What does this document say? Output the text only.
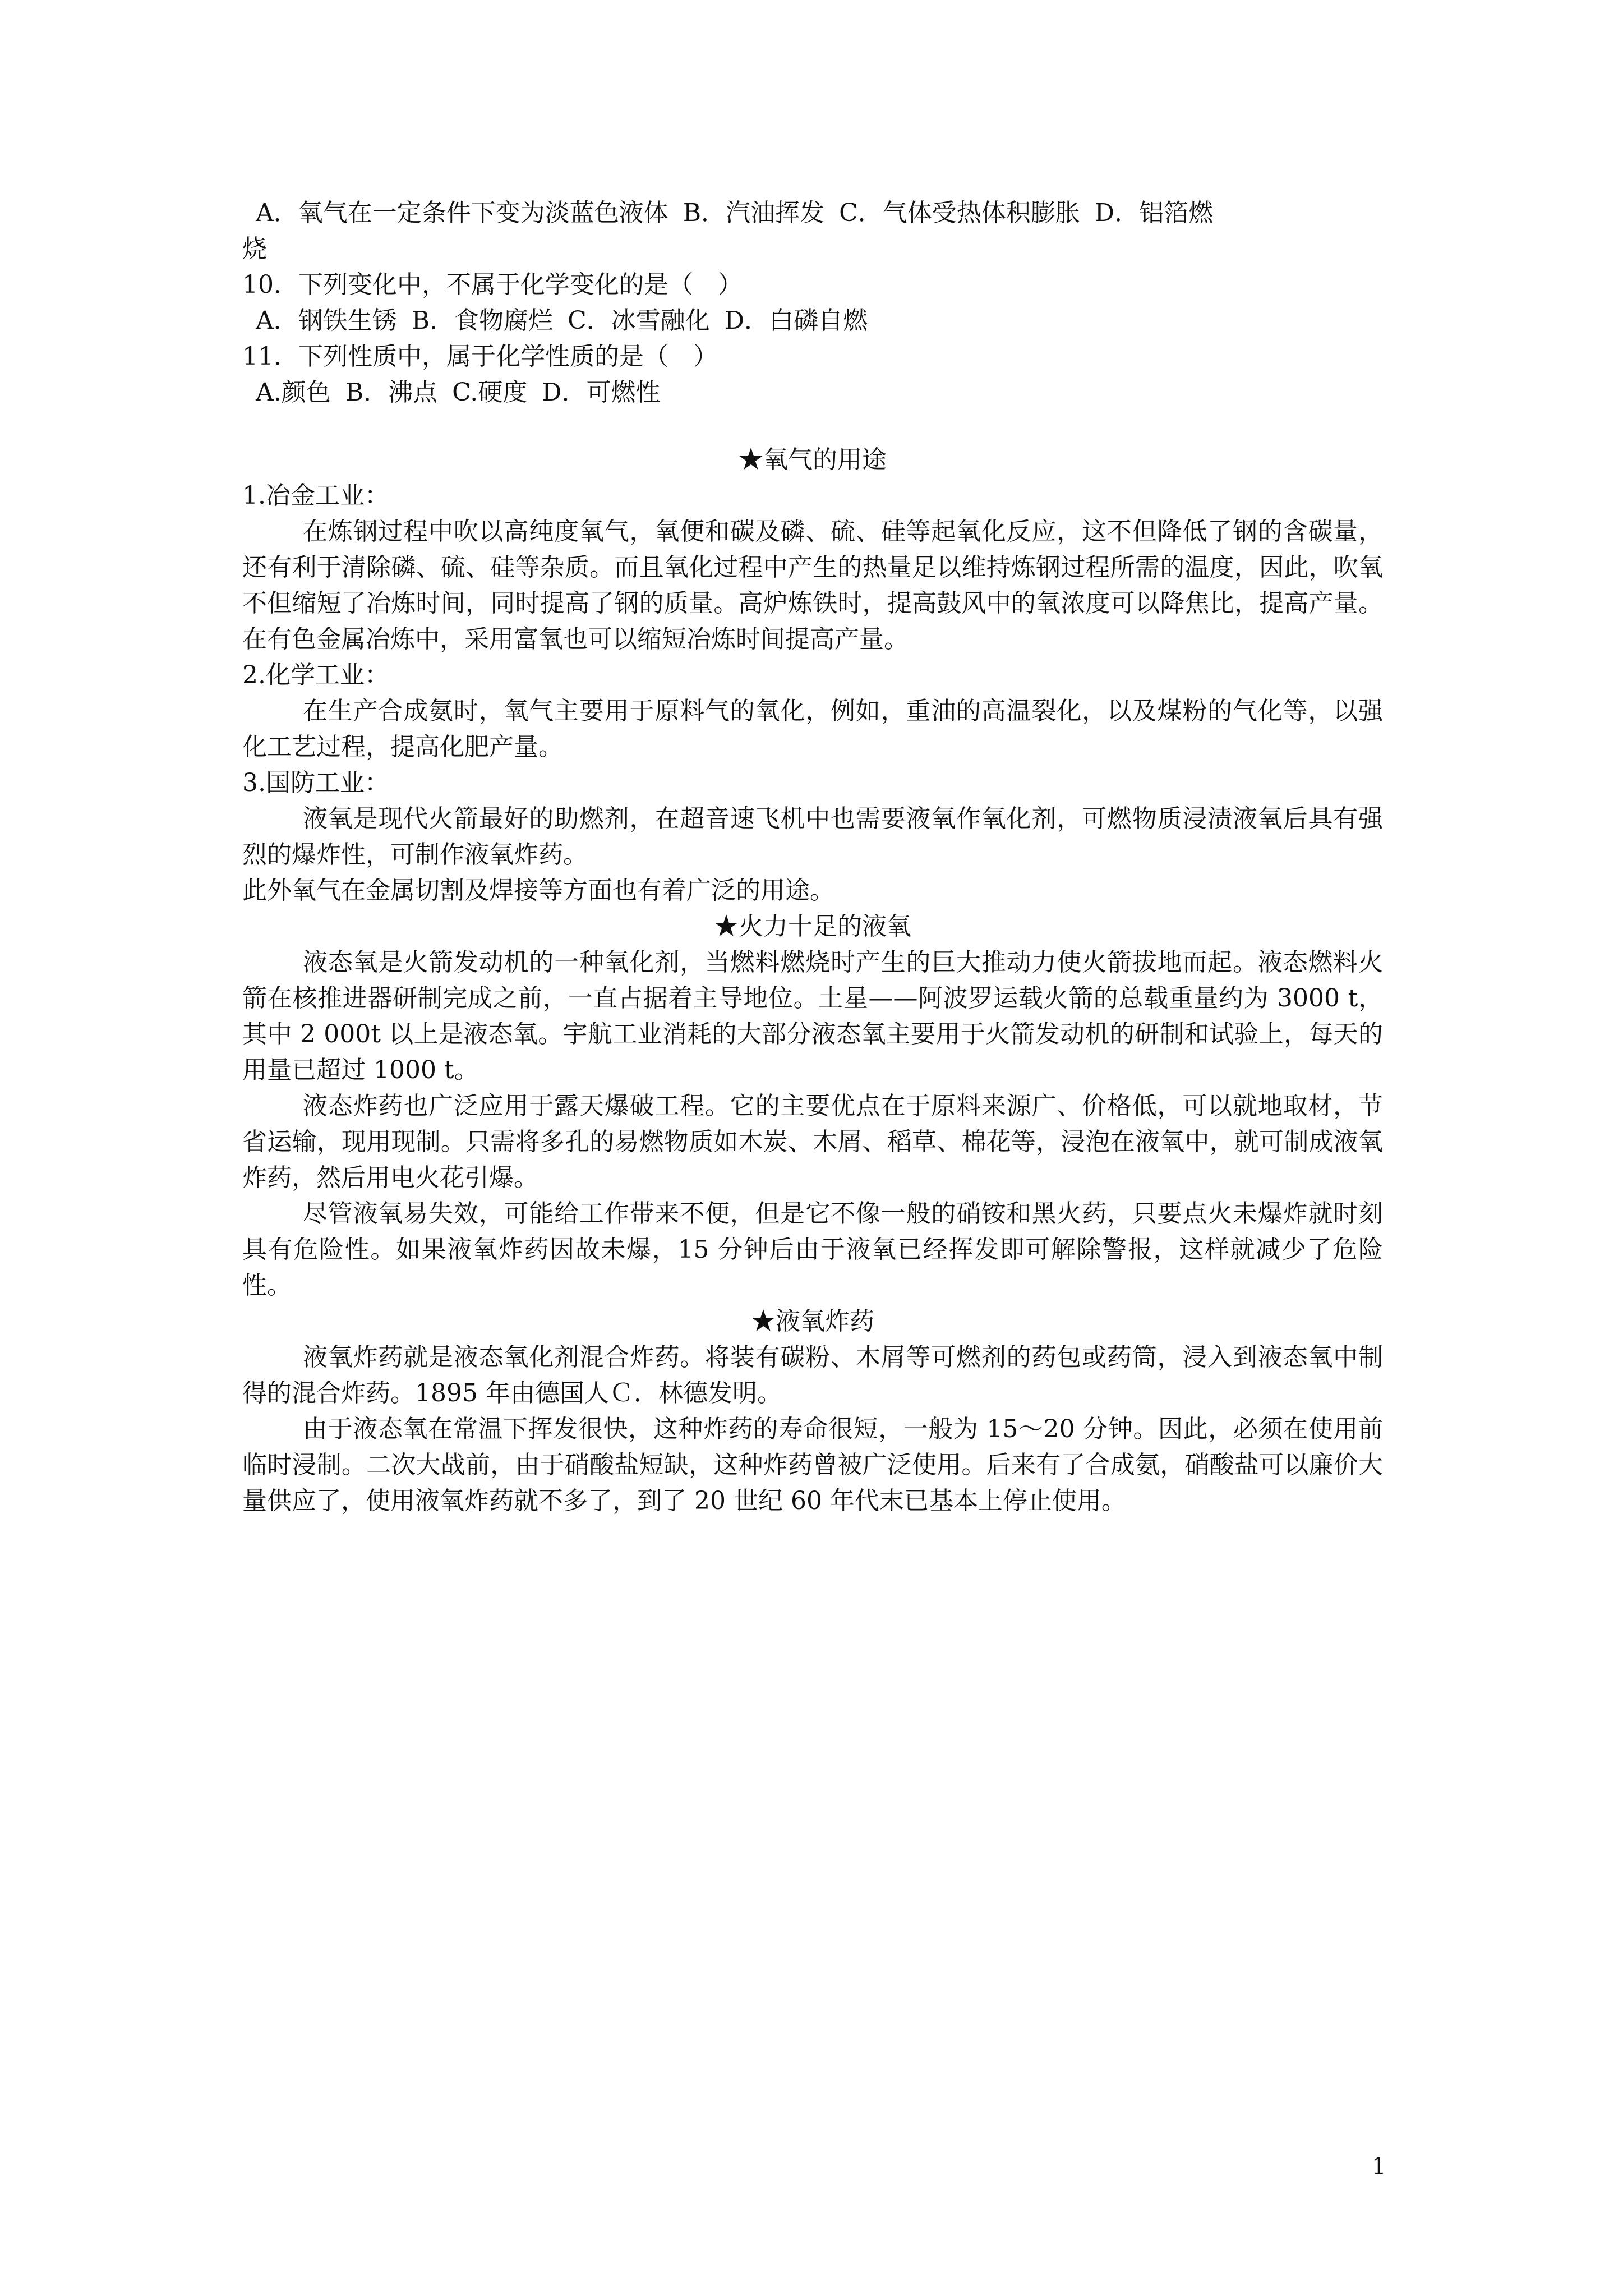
A．氧气在一定条件下变为淡蓝色液体 B．汽油挥发 C．气体受热体积膨胀 D．铝箔燃
烧
10．下列变化中，不属于化学变化的是（　）
A．钢铁生锈 B．食物腐烂 C．冰雪融化 D．白磷自燃
11．下列性质中，属于化学性质的是（　）
A.颜色 B．沸点 C.硬度 D．可燃性
★氧气的用途
1.冶金工业：
在炼钢过程中吹以高纯度氧气，氧便和碳及磷、硫、硅等起氧化反应，这不但降低了钢的含碳量，还有利于清除磷、硫、硅等杂质。而且氧化过程中产生的热量足以维持炼钢过程所需的温度，因此，吹氧不但缩短了冶炼时间，同时提高了钢的质量。高炉炼铁时，提高鼓风中的氧浓度可以降焦比，提高产量。在有色金属冶炼中，采用富氧也可以缩短冶炼时间提高产量。
2.化学工业：
在生产合成氨时，氧气主要用于原料气的氧化，例如，重油的高温裂化，以及煤粉的气化等，以强化工艺过程，提高化肥产量。
3.国防工业：
液氧是现代火箭最好的助燃剂，在超音速飞机中也需要液氧作氧化剂，可燃物质浸渍液氧后具有强烈的爆炸性，可制作液氧炸药。
此外氧气在金属切割及焊接等方面也有着广泛的用途。
★火力十足的液氧
液态氧是火箭发动机的一种氧化剂，当燃料燃烧时产生的巨大推动力使火箭拔地而起。液态燃料火箭在核推进器研制完成之前，一直占据着主导地位。土星——阿波罗运载火箭的总载重量约为 3000 t，其中 2 000t 以上是液态氧。宇航工业消耗的大部分液态氧主要用于火箭发动机的研制和试验上，每天的用量已超过 1000 t。
液态炸药也广泛应用于露天爆破工程。它的主要优点在于原料来源广、价格低，可以就地取材，节省运输，现用现制。只需将多孔的易燃物质如木炭、木屑、稻草、棉花等，浸泡在液氧中，就可制成液氧炸药，然后用电火花引爆。
尽管液氧易失效，可能给工作带来不便，但是它不像一般的硝铵和黑火药，只要点火未爆炸就时刻具有危险性。如果液氧炸药因故未爆，15 分钟后由于液氧已经挥发即可解除警报，这样就减少了危险性。
★液氧炸药
液氧炸药就是液态氧化剂混合炸药。将装有碳粉、木屑等可燃剂的药包或药筒，浸入到液态氧中制得的混合炸药。1895 年由德国人Ｃ．林德发明。
由于液态氧在常温下挥发很快，这种炸药的寿命很短，一般为 15～20 分钟。因此，必须在使用前临时浸制。二次大战前，由于硝酸盐短缺，这种炸药曾被广泛使用。后来有了合成氨，硝酸盐可以廉价大量供应了，使用液氧炸药就不多了，到了 20 世纪 60 年代末已基本上停止使用。
1
